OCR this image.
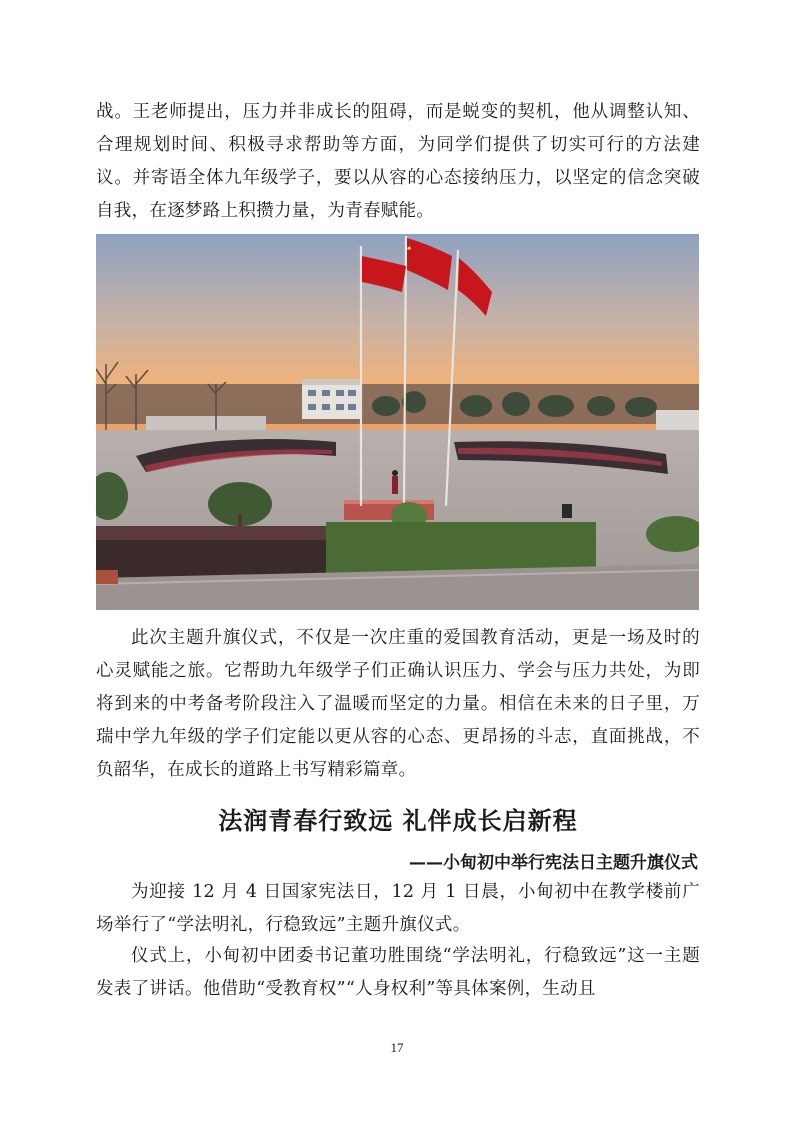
战。王老师提出，压力并非成长的阻碍，而是蜕变的契机，他从调整认知、合理规划时间、积极寻求帮助等方面，为同学们提供了切实可行的方法建议。并寄语全体九年级学子，要以从容的心态接纳压力，以坚定的信念突破自我，在逐梦路上积攒力量，为青春赋能。

此次主题升旗仪式，不仅是一次庄重的爱国教育活动，更是一场及时的心灵赋能之旅。它帮助九年级学子们正确认识压力、学会与压力共处，为即将到来的中考备考阶段注入了温暖而坚定的力量。相信在未来的日子里，万瑞中学九年级的学子们定能以更从容的心态、更昂扬的斗志，直面挑战，不负韶华，在成长的道路上书写精彩篇章。

法润青春行致远 礼伴成长启新程

——小甸初中举行宪法日主题升旗仪式

为迎接 12 月 4 日国家宪法日，12 月 1 日晨，小甸初中在教学楼前广场举行了“学法明礼，行稳致远”主题升旗仪式。

仪式上，小甸初中团委书记董功胜围绕“学法明礼，行稳致远”这一主题发表了讲话。他借助“受教育权”“人身权利”等具体案例，生动且

17
